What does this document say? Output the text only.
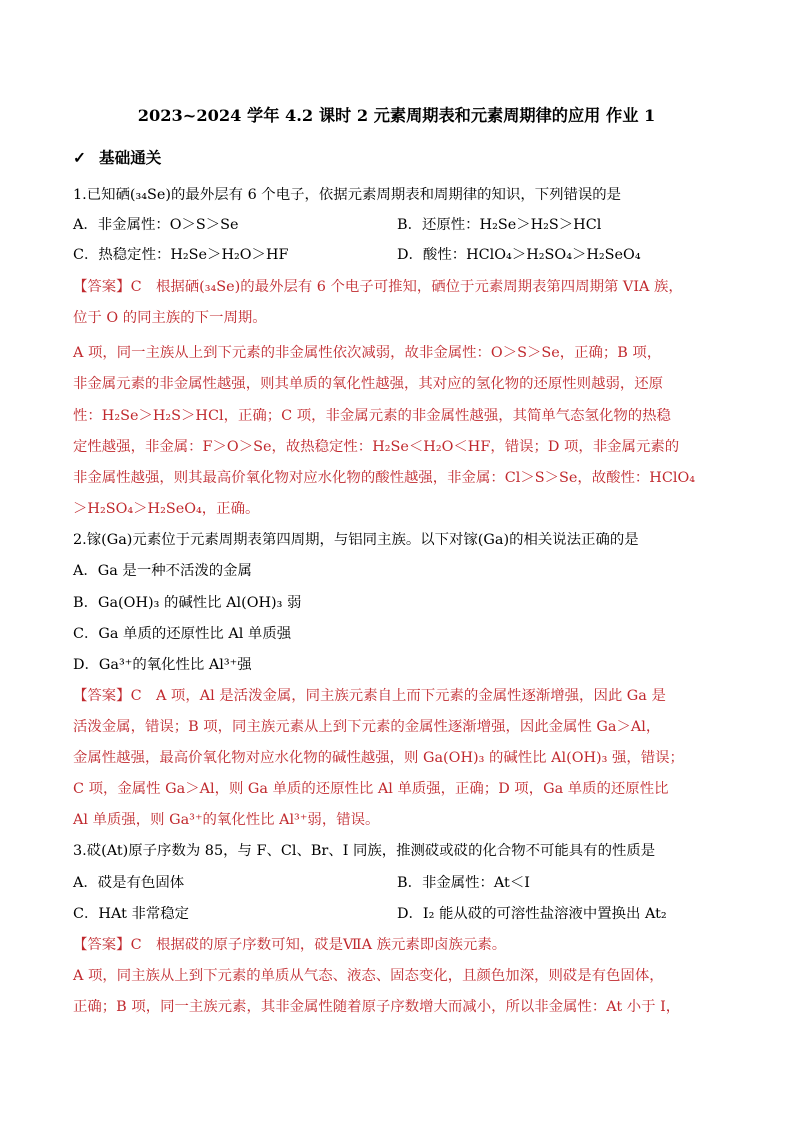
2023~2024 学年 4.2 课时 2 元素周期表和元素周期律的应用 作业 1
✓ 基础通关
1.已知硒(₃₄Se)的最外层有 6 个电子，依据元素周期表和周期律的知识，下列错误的是
A．非金属性：O＞S＞Se	B．还原性：H₂Se＞H₂S＞HCl
C．热稳定性：H₂Se＞H₂O＞HF	D．酸性：HClO₄＞H₂SO₄＞H₂SeO₄
【答案】C　根据硒(₃₄Se)的最外层有 6 个电子可推知，硒位于元素周期表第四周期第 VIA 族，
位于 O 的同主族的下一周期。
A 项，同一主族从上到下元素的非金属性依次减弱，故非金属性：O＞S＞Se，正确；B 项，
非金属元素的非金属性越强，则其单质的氧化性越强，其对应的氢化物的还原性则越弱，还原
性：H₂Se＞H₂S＞HCl，正确；C 项，非金属元素的非金属性越强，其简单气态氢化物的热稳
定性越强，非金属：F＞O＞Se，故热稳定性：H₂Se＜H₂O＜HF，错误；D 项，非金属元素的
非金属性越强，则其最高价氧化物对应水化物的酸性越强，非金属：Cl＞S＞Se，故酸性：HClO₄
＞H₂SO₄＞H₂SeO₄，正确。
2.镓(Ga)元素位于元素周期表第四周期，与铝同主族。以下对镓(Ga)的相关说法正确的是
A．Ga 是一种不活泼的金属
B．Ga(OH)₃ 的碱性比 Al(OH)₃ 弱
C．Ga 单质的还原性比 Al 单质强
D．Ga³⁺的氧化性比 Al³⁺强
【答案】C　A 项，Al 是活泼金属，同主族元素自上而下元素的金属性逐渐增强，因此 Ga 是
活泼金属，错误；B 项，同主族元素从上到下元素的金属性逐渐增强，因此金属性 Ga＞Al，
金属性越强，最高价氧化物对应水化物的碱性越强，则 Ga(OH)₃ 的碱性比 Al(OH)₃ 强，错误；
C 项，金属性 Ga＞Al，则 Ga 单质的还原性比 Al 单质强，正确；D 项，Ga 单质的还原性比
Al 单质强，则 Ga³⁺的氧化性比 Al³⁺弱，错误。
3.砹(At)原子序数为 85，与 F、Cl、Br、I 同族，推测砹或砹的化合物不可能具有的性质是
A．砹是有色固体	B．非金属性：At＜I
C．HAt 非常稳定	D．I₂ 能从砹的可溶性盐溶液中置换出 At₂
【答案】C　根据砹的原子序数可知，砹是ⅦA 族元素即卤族元素。
A 项，同主族从上到下元素的单质从气态、液态、固态变化，且颜色加深，则砹是有色固体，
正确；B 项，同一主族元素，其非金属性随着原子序数增大而减小，所以非金属性：At 小于 I，
